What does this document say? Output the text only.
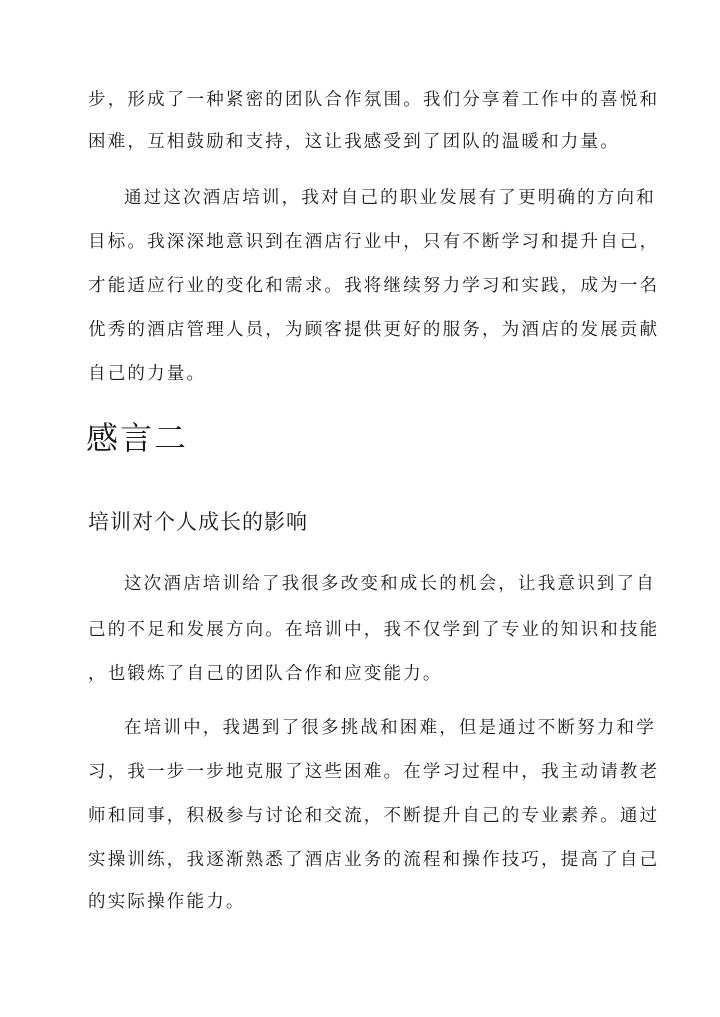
步，形成了一种紧密的团队合作氛围。我们分享着工作中的喜悦和
困难，互相鼓励和支持，这让我感受到了团队的温暖和力量。
通过这次酒店培训，我对自己的职业发展有了更明确的方向和
目标。我深深地意识到在酒店行业中，只有不断学习和提升自己，
才能适应行业的变化和需求。我将继续努力学习和实践，成为一名
优秀的酒店管理人员，为顾客提供更好的服务，为酒店的发展贡献
自己的力量。
感言二
培训对个人成长的影响
这次酒店培训给了我很多改变和成长的机会，让我意识到了自
己的不足和发展方向。在培训中，我不仅学到了专业的知识和技能
，也锻炼了自己的团队合作和应变能力。
在培训中，我遇到了很多挑战和困难，但是通过不断努力和学
习，我一步一步地克服了这些困难。在学习过程中，我主动请教老
师和同事，积极参与讨论和交流，不断提升自己的专业素养。通过
实操训练，我逐渐熟悉了酒店业务的流程和操作技巧，提高了自己
的实际操作能力。
